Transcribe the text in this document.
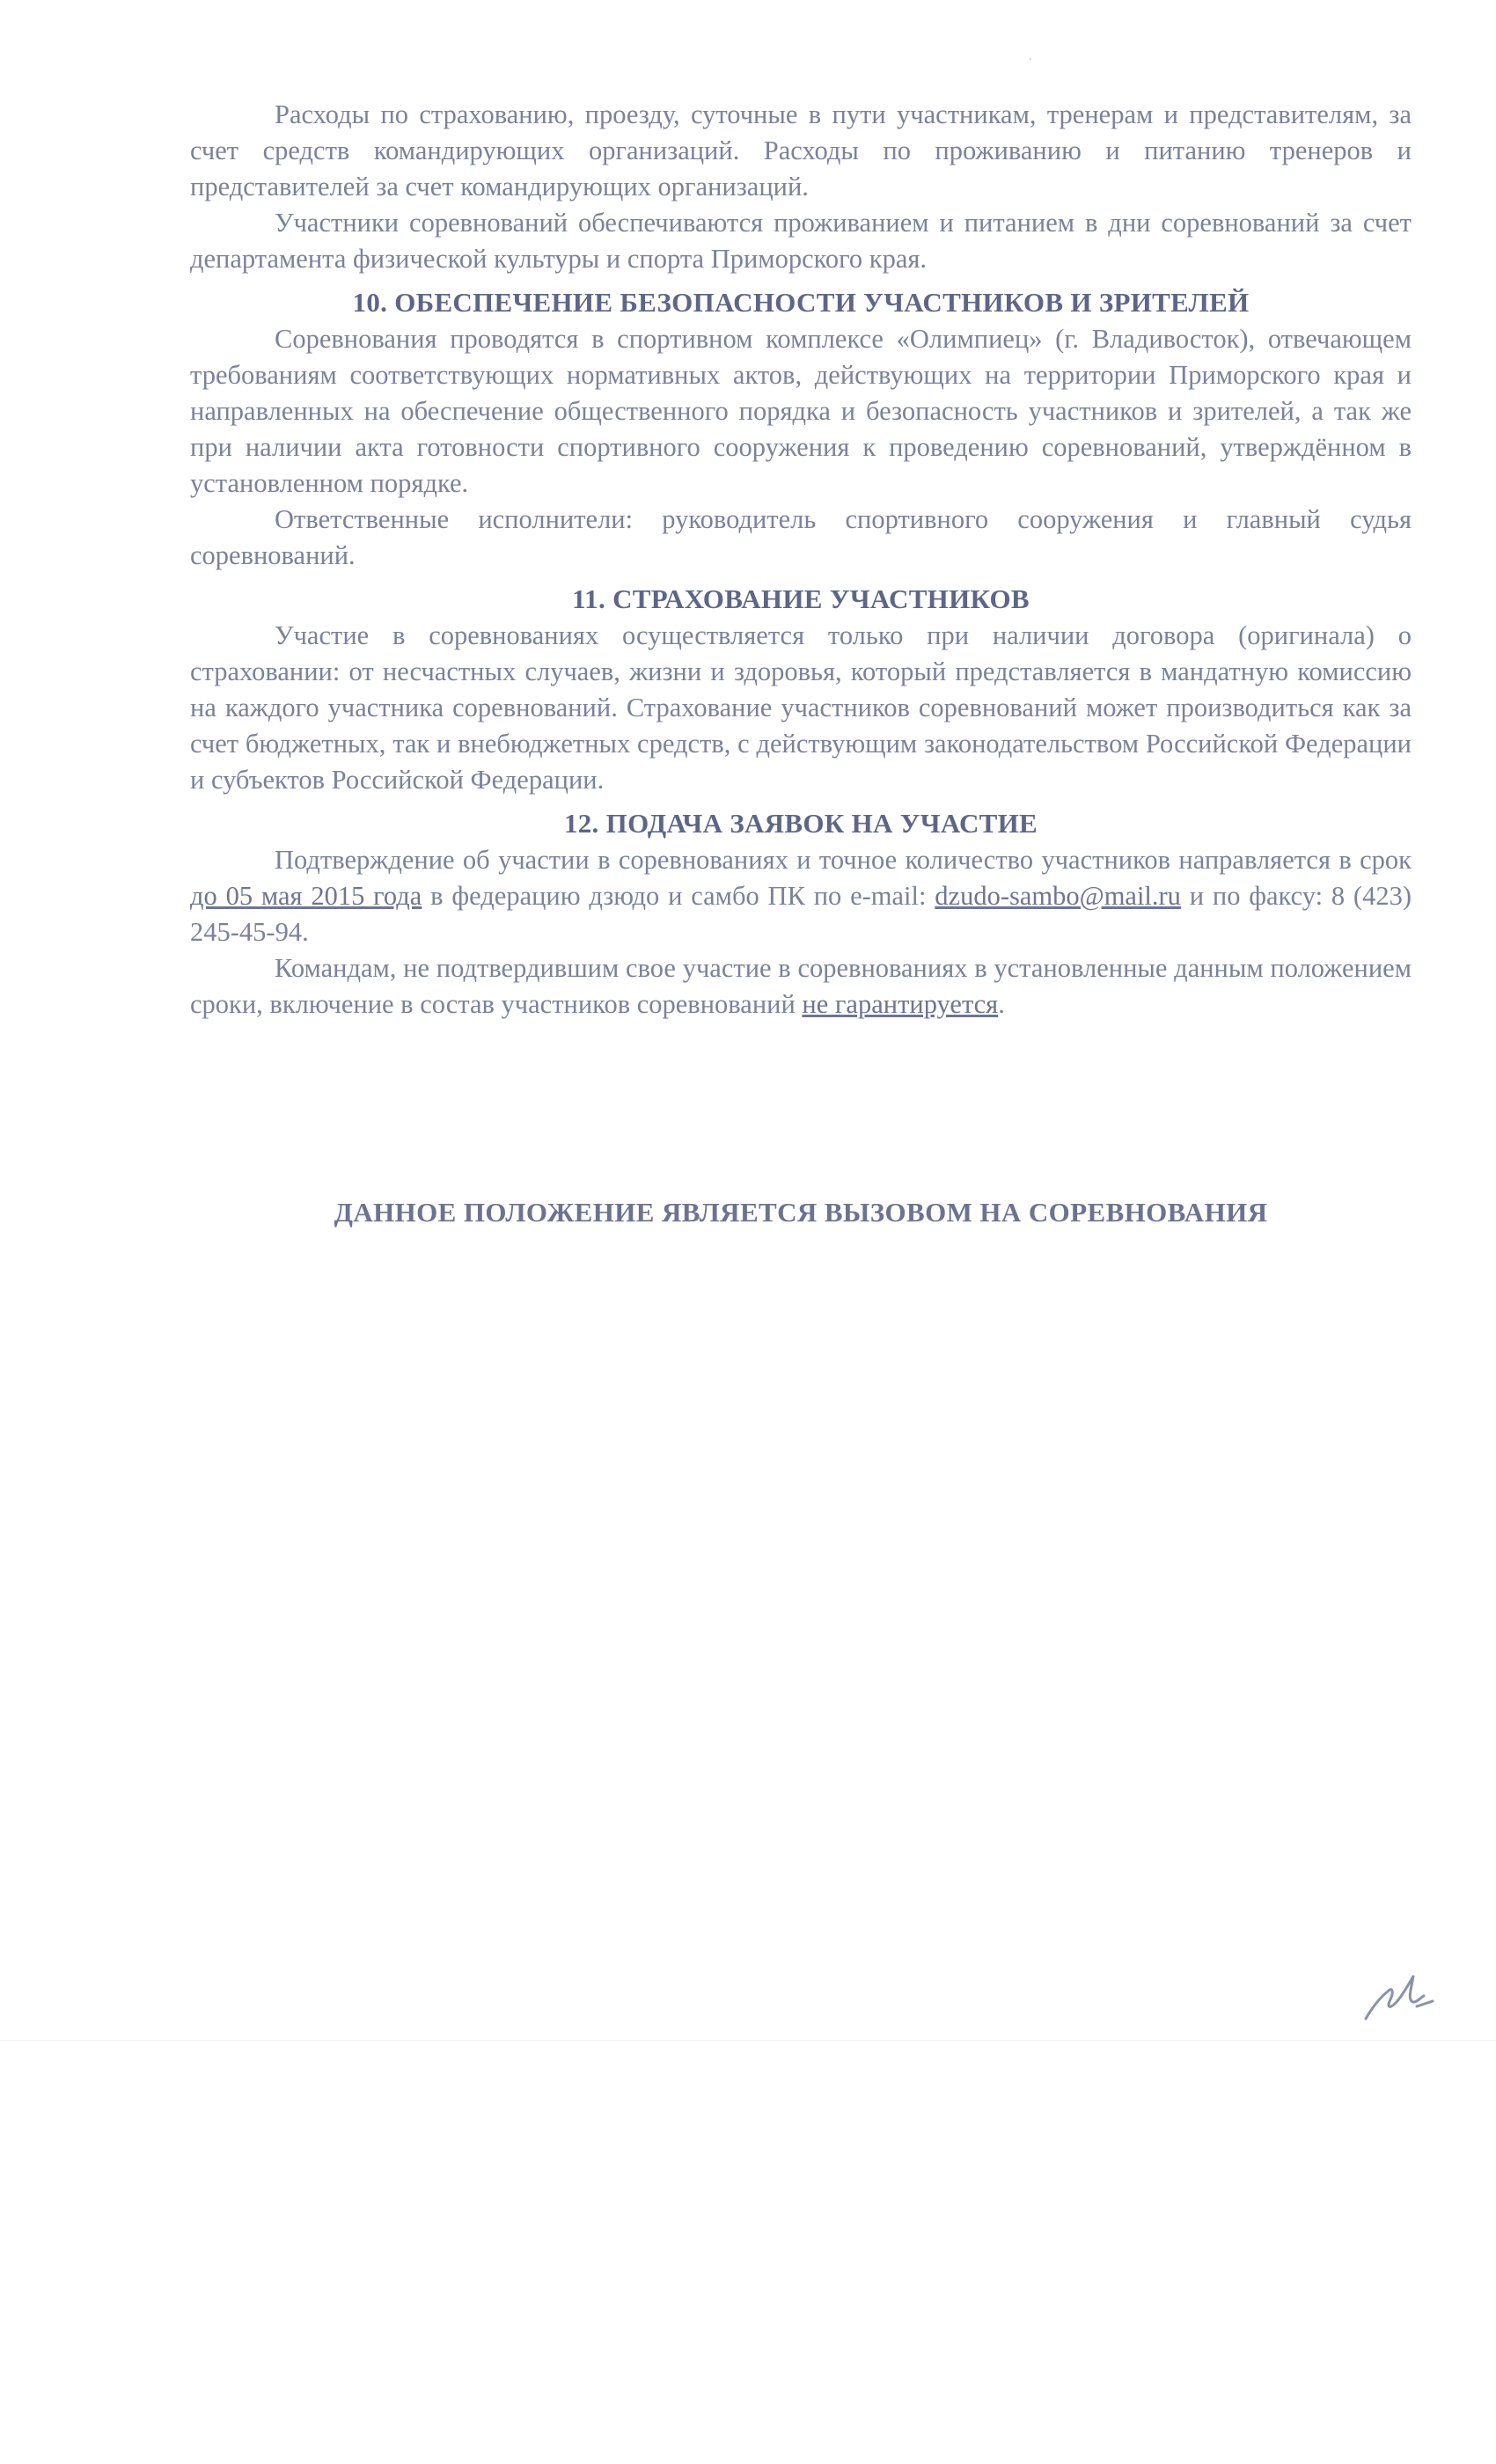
Расходы по страхованию, проезду, суточные в пути участникам, тренерам и представителям, за счет средств командирующих организаций. Расходы по проживанию и питанию тренеров и представителей за счет командирующих организаций.

Участники соревнований обеспечиваются проживанием и питанием в дни соревнований за счет департамента физической культуры и спорта Приморского края.

10. ОБЕСПЕЧЕНИЕ БЕЗОПАСНОСТИ УЧАСТНИКОВ И ЗРИТЕЛЕЙ

Соревнования проводятся в спортивном комплексе «Олимпиец» (г. Владивосток), отвечающем требованиям соответствующих нормативных актов, действующих на территории Приморского края и направленных на обеспечение общественного порядка и безопасность участников и зрителей, а так же при наличии акта готовности спортивного сооружения к проведению соревнований, утверждённом в установленном порядке.

Ответственные исполнители: руководитель спортивного сооружения и главный судья соревнований.

11. СТРАХОВАНИЕ УЧАСТНИКОВ

Участие в соревнованиях осуществляется только при наличии договора (оригинала) о страховании: от несчастных случаев, жизни и здоровья, который представляется в мандатную комиссию на каждого участника соревнований. Страхование участников соревнований может производиться как за счет бюджетных, так и внебюджетных средств, с действующим законодательством Российской Федерации и субъектов Российской Федерации.

12. ПОДАЧА ЗАЯВОК НА УЧАСТИЕ

Подтверждение об участии в соревнованиях и точное количество участников направляется в срок до 05 мая 2015 года в федерацию дзюдо и самбо ПК по e-mail: dzudo-sambo@mail.ru и по факсу: 8 (423) 245-45-94.

Командам, не подтвердившим свое участие в соревнованиях в установленные данным положением сроки, включение в состав участников соревнований не гарантируется.

ДАННОЕ ПОЛОЖЕНИЕ ЯВЛЯЕТСЯ ВЫЗОВОМ НА СОРЕВНОВАНИЯ
